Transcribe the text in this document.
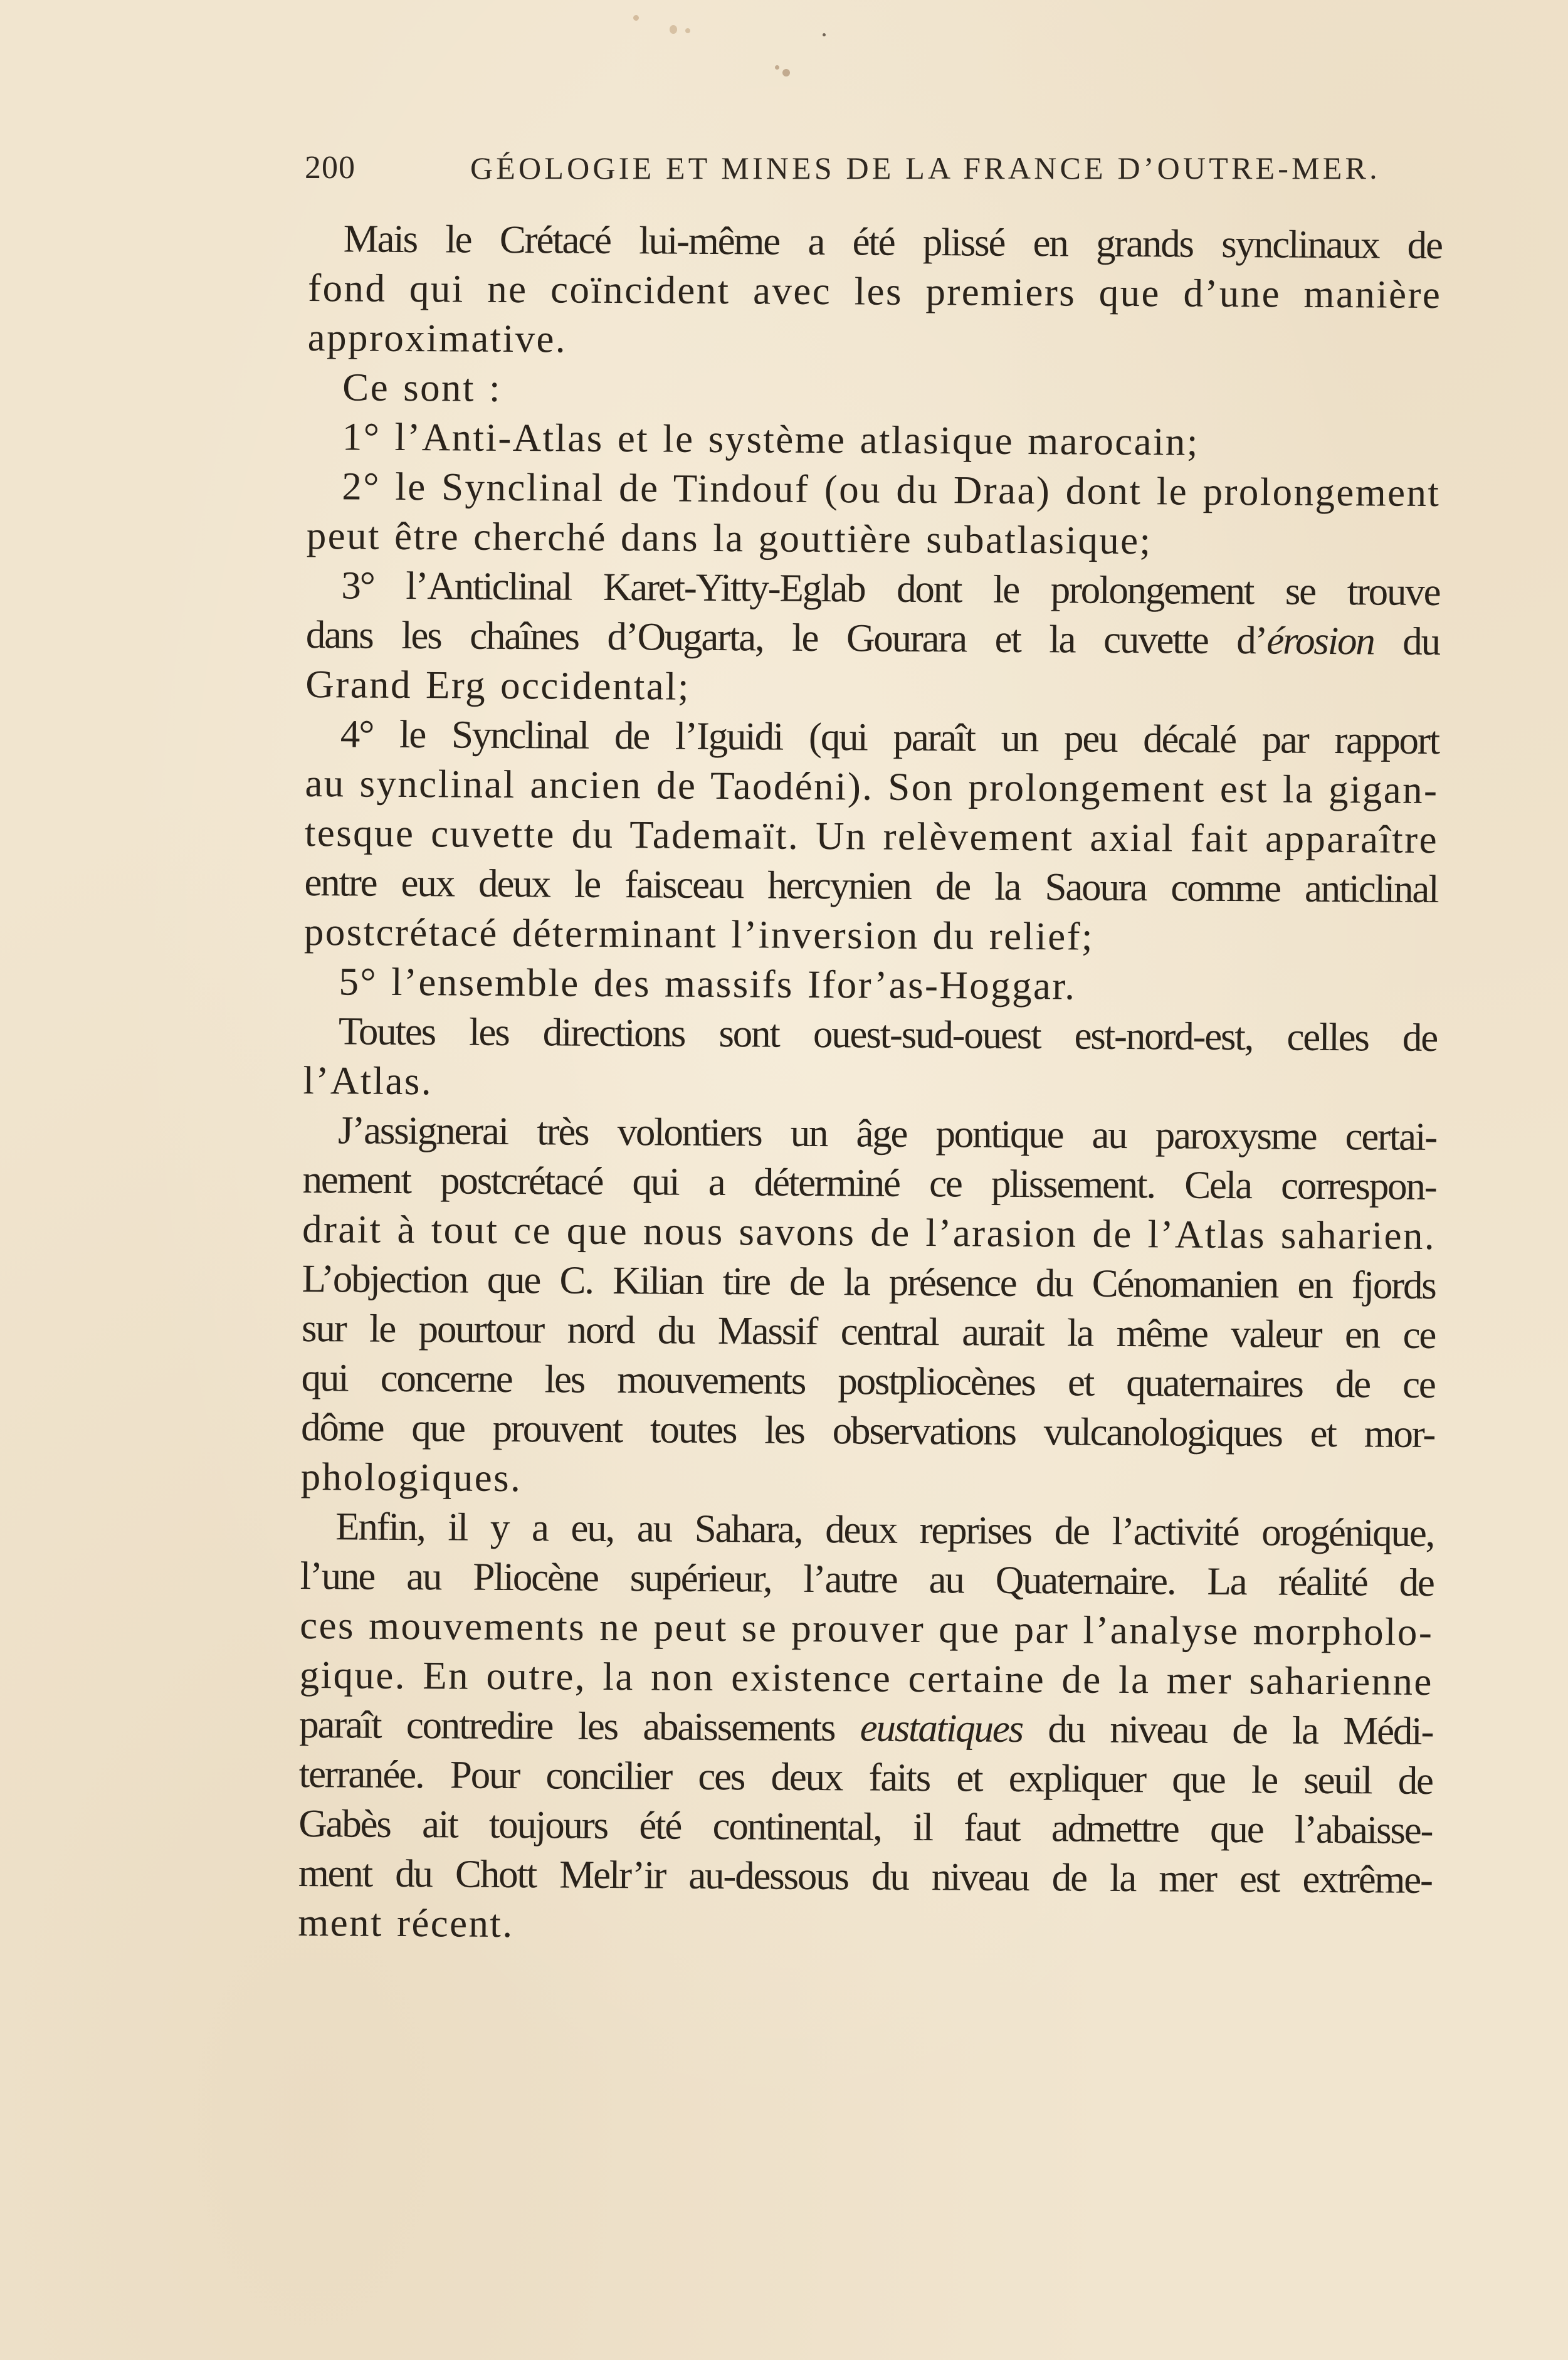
200	GÉOLOGIE ET MINES DE LA FRANCE D’OUTRE-MER.
Mais le Crétacé lui-même a été plissé en grands synclinaux de
fond qui ne coïncident avec les premiers que d’une manière
approximative.
Ce sont :
1° l’Anti-Atlas et le système atlasique marocain;
2° le Synclinal de Tindouf (ou du Draa) dont le prolongement
peut être cherché dans la gouttière subatlasique;
3° l’Anticlinal Karet-Yitty-Eglab dont le prolongement se trouve
dans les chaînes d’Ougarta, le Gourara et la cuvette d’érosion du
Grand Erg occidental;
4° le Synclinal de l’Iguidi (qui paraît un peu décalé par rapport
au synclinal ancien de Taodéni). Son prolongement est la gigan-
tesque cuvette du Tademaït. Un relèvement axial fait apparaître
entre eux deux le faisceau hercynien de la Saoura comme anticlinal
postcrétacé déterminant l’inversion du relief;
5° l’ensemble des massifs Ifor’as-Hoggar.
Toutes les directions sont ouest-sud-ouest est-nord-est, celles de
l’Atlas.
J’assignerai très volontiers un âge pontique au paroxysme certai-
nement postcrétacé qui a déterminé ce plissement. Cela correspon-
drait à tout ce que nous savons de l’arasion de l’Atlas saharien.
L’objection que C. Kilian tire de la présence du Cénomanien en fjords
sur le pourtour nord du Massif central aurait la même valeur en ce
qui concerne les mouvements postpliocènes et quaternaires de ce
dôme que prouvent toutes les observations vulcanologiques et mor-
phologiques.
Enfin, il y a eu, au Sahara, deux reprises de l’activité orogénique,
l’une au Pliocène supérieur, l’autre au Quaternaire. La réalité de
ces mouvements ne peut se prouver que par l’analyse morpholo-
gique. En outre, la non existence certaine de la mer saharienne
paraît contredire les abaissements eustatiques du niveau de la Médi-
terranée. Pour concilier ces deux faits et expliquer que le seuil de
Gabès ait toujours été continental, il faut admettre que l’abaisse-
ment du Chott Melr’ir au-dessous du niveau de la mer est extrême-
ment récent.
